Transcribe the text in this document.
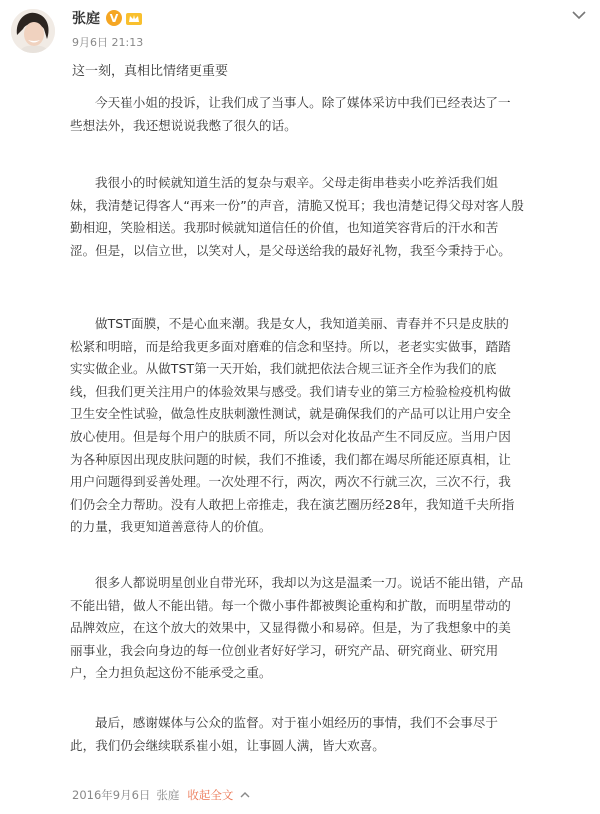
张庭 V
9月6日 21:13
这一刻，真相比情绪更重要
今天崔小姐的投诉，让我们成了当事人。除了媒体采访中我们已经表达了一
些想法外，我还想说说我憋了很久的话。
我很小的时候就知道生活的复杂与艰辛。父母走街串巷卖小吃养活我们姐
妹，我清楚记得客人“再来一份”的声音，清脆又悦耳；我也清楚记得父母对客人殷
勤相迎，笑脸相送。我那时候就知道信任的价值，也知道笑容背后的汗水和苦
涩。但是，以信立世，以笑对人，是父母送给我的最好礼物，我至今秉持于心。
做TST面膜，不是心血来潮。我是女人，我知道美丽、青春并不只是皮肤的
松紧和明暗，而是给我更多面对磨难的信念和坚持。所以，老老实实做事，踏踏
实实做企业。从做TST第一天开始，我们就把依法合规三证齐全作为我们的底
线，但我们更关注用户的体验效果与感受。我们请专业的第三方检验检疫机构做
卫生安全性试验，做急性皮肤刺激性测试，就是确保我们的产品可以让用户安全
放心使用。但是每个用户的肤质不同，所以会对化妆品产生不同反应。当用户因
为各种原因出现皮肤问题的时候，我们不推诿，我们都在竭尽所能还原真相，让
用户问题得到妥善处理。一次处理不行，两次，两次不行就三次，三次不行，我
们仍会全力帮助。没有人敢把上帝推走，我在演艺圈历经28年，我知道千夫所指
的力量，我更知道善意待人的价值。
很多人都说明星创业自带光环，我却以为这是温柔一刀。说话不能出错，产品
不能出错，做人不能出错。每一个微小事件都被舆论重构和扩散，而明星带动的
品牌效应，在这个放大的效果中，又显得微小和易碎。但是，为了我想象中的美
丽事业，我会向身边的每一位创业者好好学习，研究产品、研究商业、研究用
户，全力担负起这份不能承受之重。
最后，感谢媒体与公众的监督。对于崔小姐经历的事情，我们不会事尽于
此，我们仍会继续联系崔小姐，让事圆人满，皆大欢喜。
2016年9月6日 张庭 收起全文
